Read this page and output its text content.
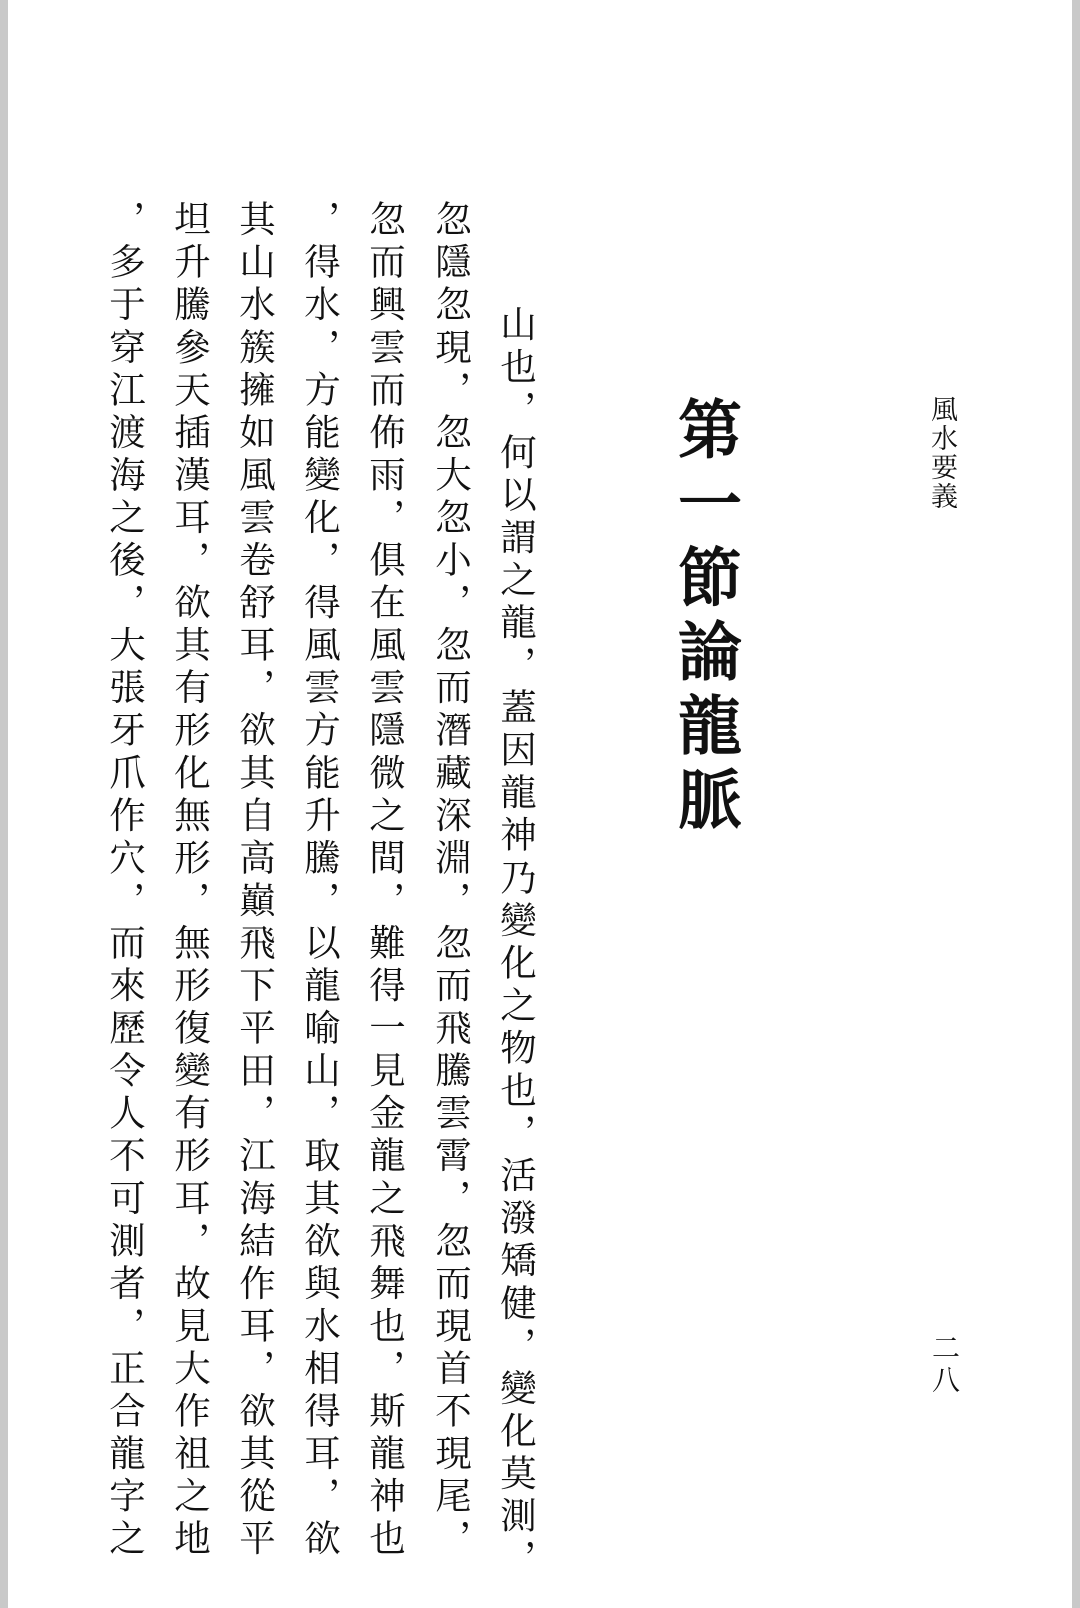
風水要義
二八
第一節論龍脈
山也，何以謂之龍，蓋因龍神乃變化之物也，活潑矯健，變化莫測，
忽隱忽現，忽大忽小，忽而潛藏深淵，忽而飛騰雲霄，忽而現首不現尾，
忽而興雲而佈雨，俱在風雲隱微之間，難得一見金龍之飛舞也，斯龍神也
，得水，方能變化，得風雲方能升騰，以龍喻山，取其欲與水相得耳，欲
其山水簇擁如風雲卷舒耳，欲其自高巔飛下平田，江海結作耳，欲其從平
坦升騰參天插漢耳，欲其有形化無形，無形復變有形耳，故見大作祖之地
，多于穿江渡海之後，大張牙爪作穴，而來歷令人不可測者，正合龍字之
